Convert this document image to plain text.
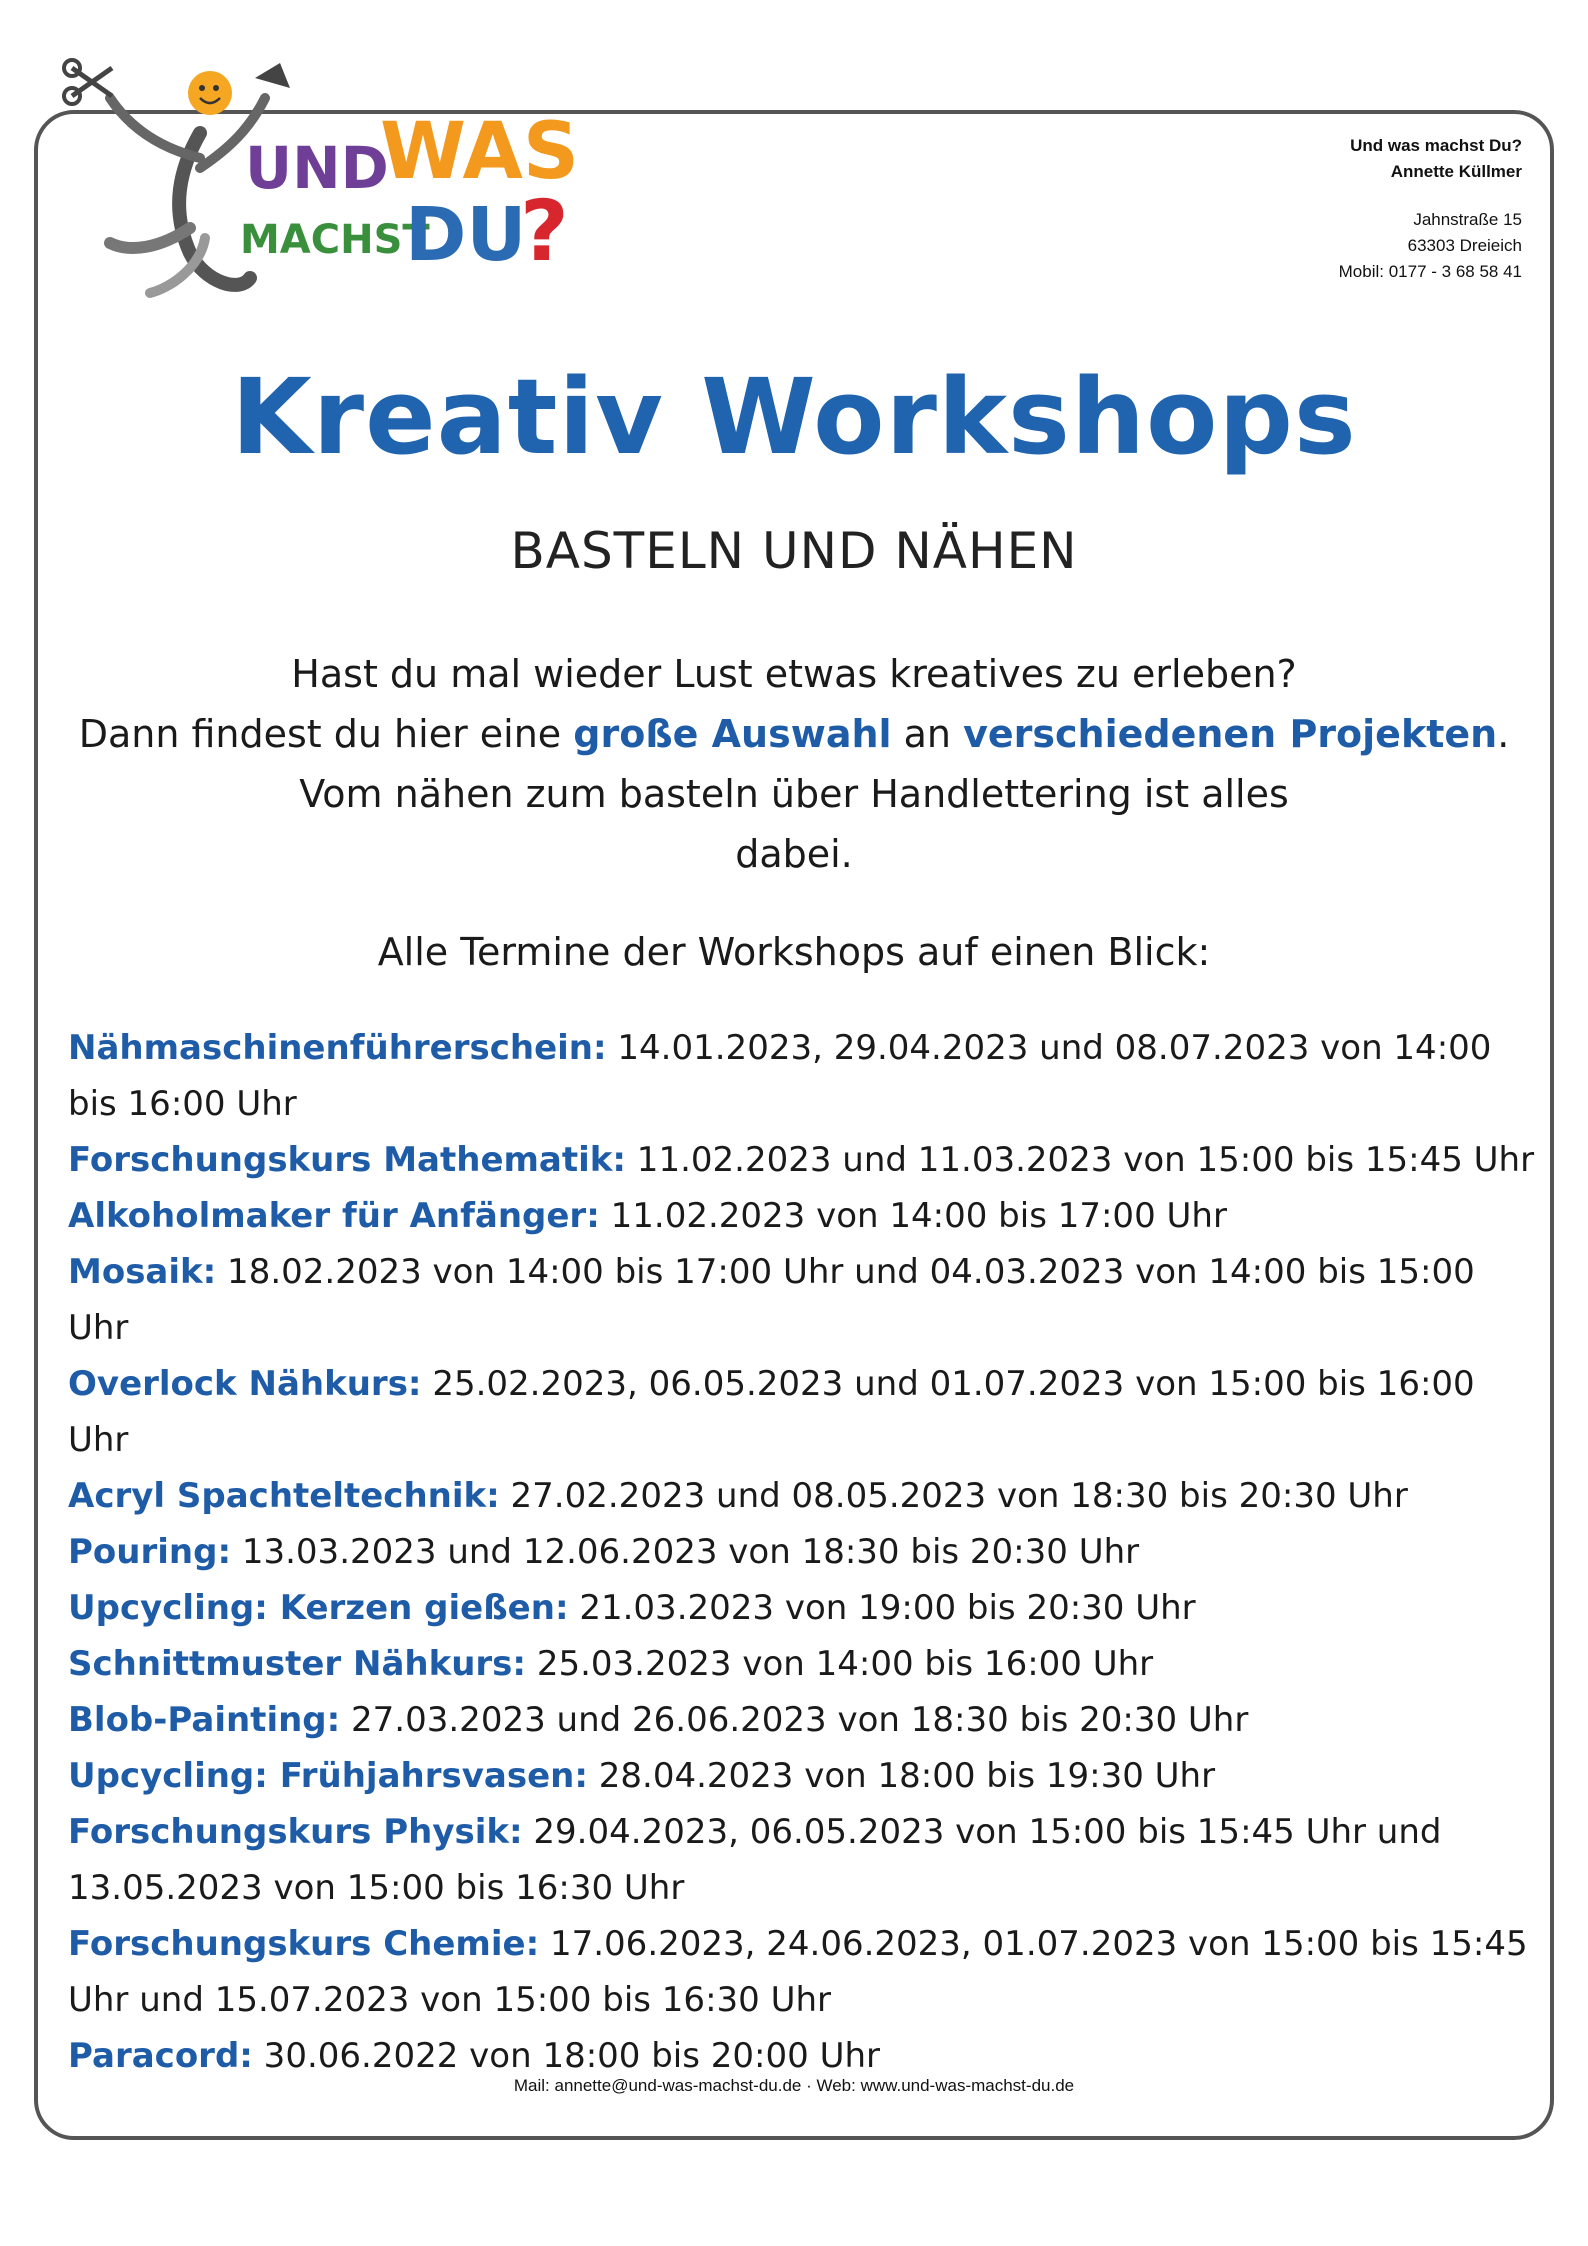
UND
WAS
MACHST
DU
?
Und was machst Du?
Annette Küllmer
Jahnstraße 15
63303 Dreieich
Mobil: 0177 - 3 68 58 41
Kreativ Workshops
BASTELN UND NÄHEN
Hast du mal wieder Lust etwas kreatives zu erleben?
Dann findest du hier eine große Auswahl an verschiedenen Projekten.
Vom nähen zum basteln über Handlettering ist alles
dabei.
Alle Termine der Workshops auf einen Blick:
Nähmaschinenführerschein: 14.01.2023, 29.04.2023 und 08.07.2023 von 14:00 bis 16:00 Uhr
Forschungskurs Mathematik: 11.02.2023 und 11.03.2023 von 15:00 bis 15:45 Uhr
Alkoholmaker für Anfänger: 11.02.2023 von 14:00 bis 17:00 Uhr
Mosaik: 18.02.2023 von 14:00 bis 17:00 Uhr und 04.03.2023 von 14:00 bis 15:00 Uhr
Overlock Nähkurs: 25.02.2023, 06.05.2023 und 01.07.2023 von 15:00 bis 16:00 Uhr
Acryl Spachteltechnik: 27.02.2023 und 08.05.2023 von 18:30 bis 20:30 Uhr
Pouring: 13.03.2023 und 12.06.2023 von 18:30 bis 20:30 Uhr
Upcycling: Kerzen gießen: 21.03.2023 von 19:00 bis 20:30 Uhr
Schnittmuster Nähkurs: 25.03.2023 von 14:00 bis 16:00 Uhr
Blob-Painting: 27.03.2023 und 26.06.2023 von 18:30 bis 20:30 Uhr
Upcycling: Frühjahrsvasen: 28.04.2023 von 18:00 bis 19:30 Uhr
Forschungskurs Physik: 29.04.2023, 06.05.2023 von 15:00 bis 15:45 Uhr und 13.05.2023 von 15:00 bis 16:30 Uhr
Forschungskurs Chemie: 17.06.2023, 24.06.2023, 01.07.2023 von 15:00 bis 15:45 Uhr und 15.07.2023 von 15:00 bis 16:30 Uhr
Paracord: 30.06.2022 von 18:00 bis 20:00 Uhr
Mail: annette@und-was-machst-du.de · Web: www.und-was-machst-du.de
